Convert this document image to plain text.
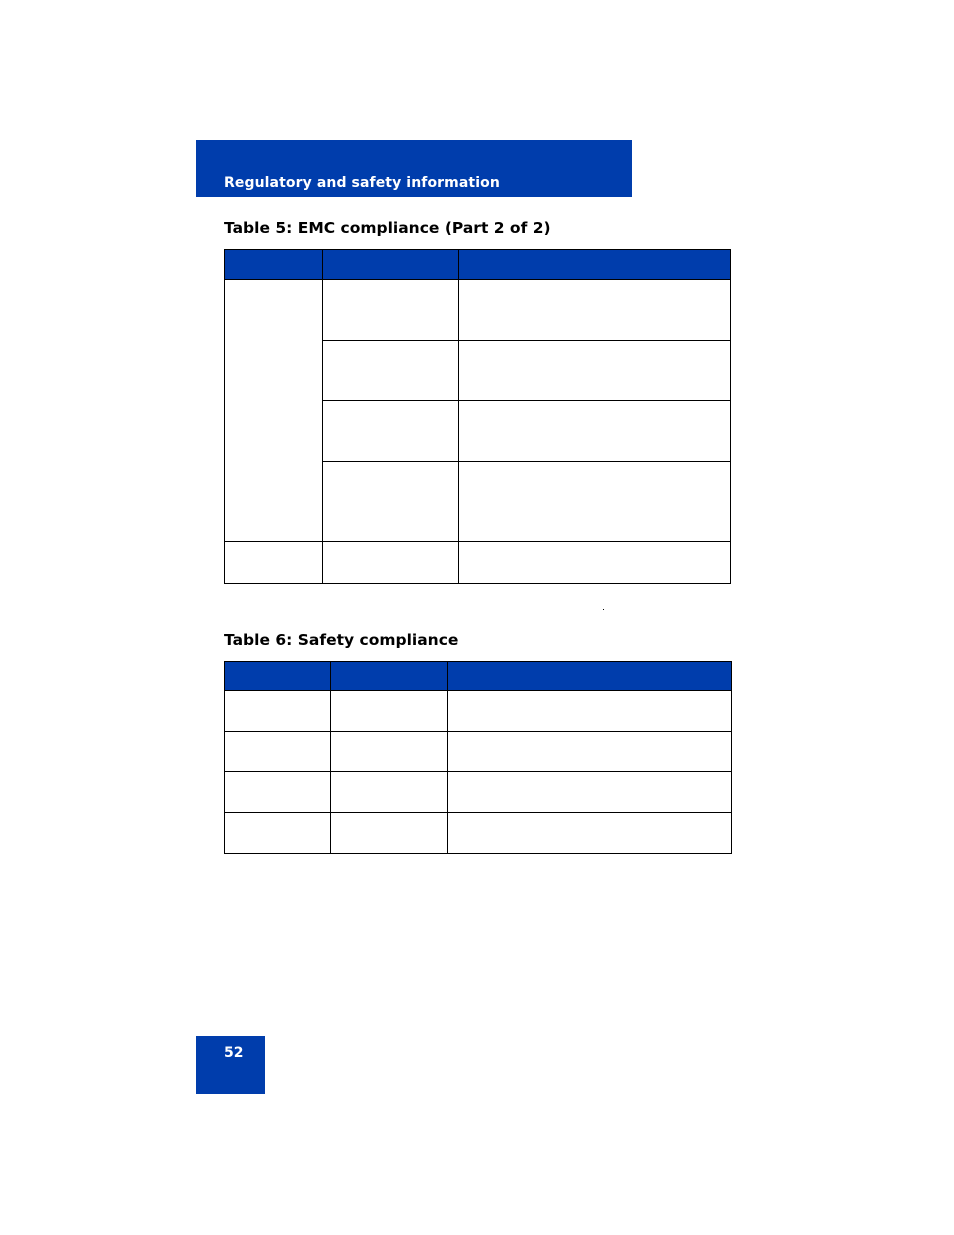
Regulatory and safety information
Table 5: EMC compliance (Part 2 of 2)

Table 6: Safety compliance

52
